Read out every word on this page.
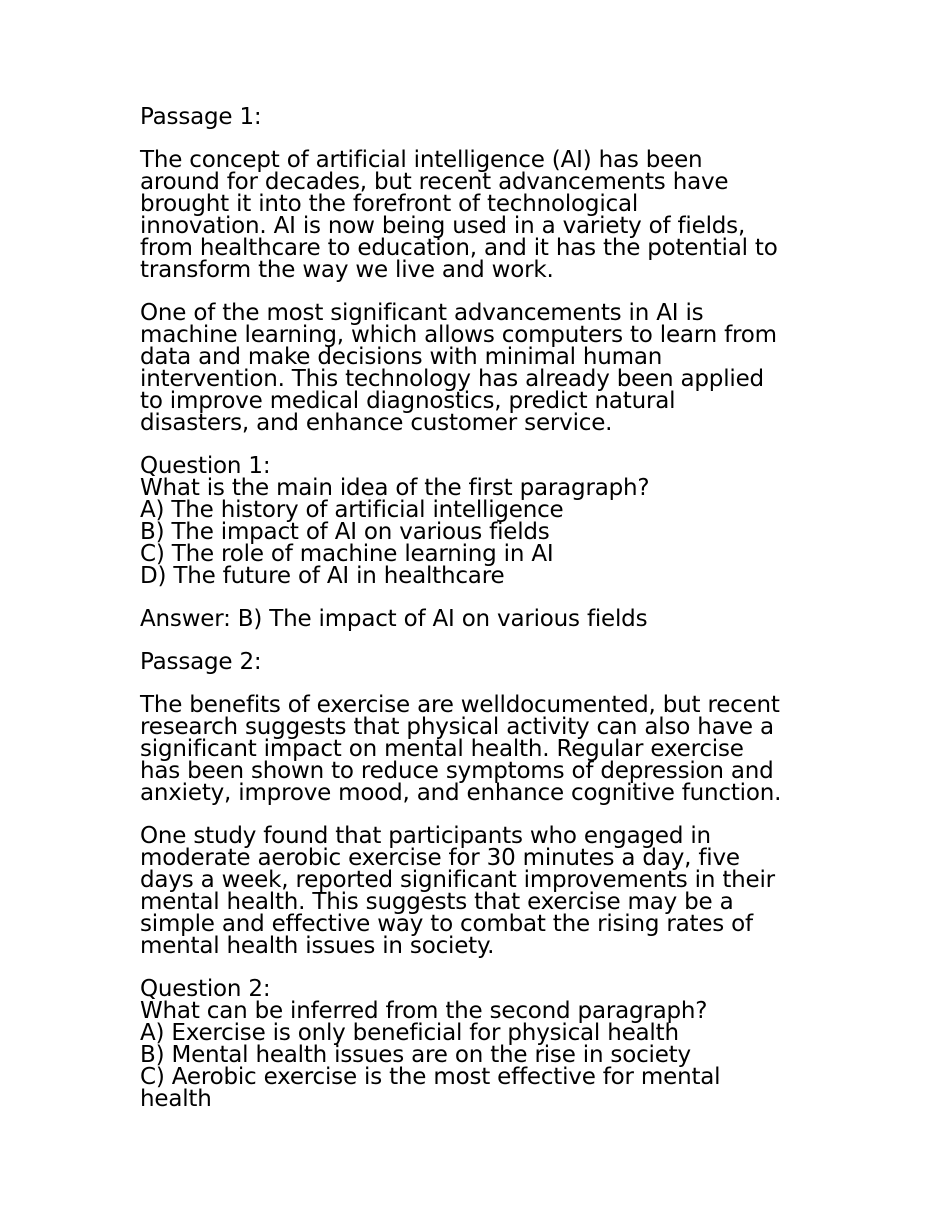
Passage 1:
The concept of artificial intelligence (AI) has been
around for decades, but recent advancements have
brought it into the forefront of technological
innovation. AI is now being used in a variety of fields,
from healthcare to education, and it has the potential to
transform the way we live and work.
One of the most significant advancements in AI is
machine learning, which allows computers to learn from
data and make decisions with minimal human
intervention. This technology has already been applied
to improve medical diagnostics, predict natural
disasters, and enhance customer service.
Question 1:
What is the main idea of the first paragraph?
A) The history of artificial intelligence
B) The impact of AI on various fields
C) The role of machine learning in AI
D) The future of AI in healthcare
Answer: B) The impact of AI on various fields
Passage 2:
The benefits of exercise are welldocumented, but recent
research suggests that physical activity can also have a
significant impact on mental health. Regular exercise
has been shown to reduce symptoms of depression and
anxiety, improve mood, and enhance cognitive function.
One study found that participants who engaged in
moderate aerobic exercise for 30 minutes a day, five
days a week, reported significant improvements in their
mental health. This suggests that exercise may be a
simple and effective way to combat the rising rates of
mental health issues in society.
Question 2:
What can be inferred from the second paragraph?
A) Exercise is only beneficial for physical health
B) Mental health issues are on the rise in society
C) Aerobic exercise is the most effective for mental
health
